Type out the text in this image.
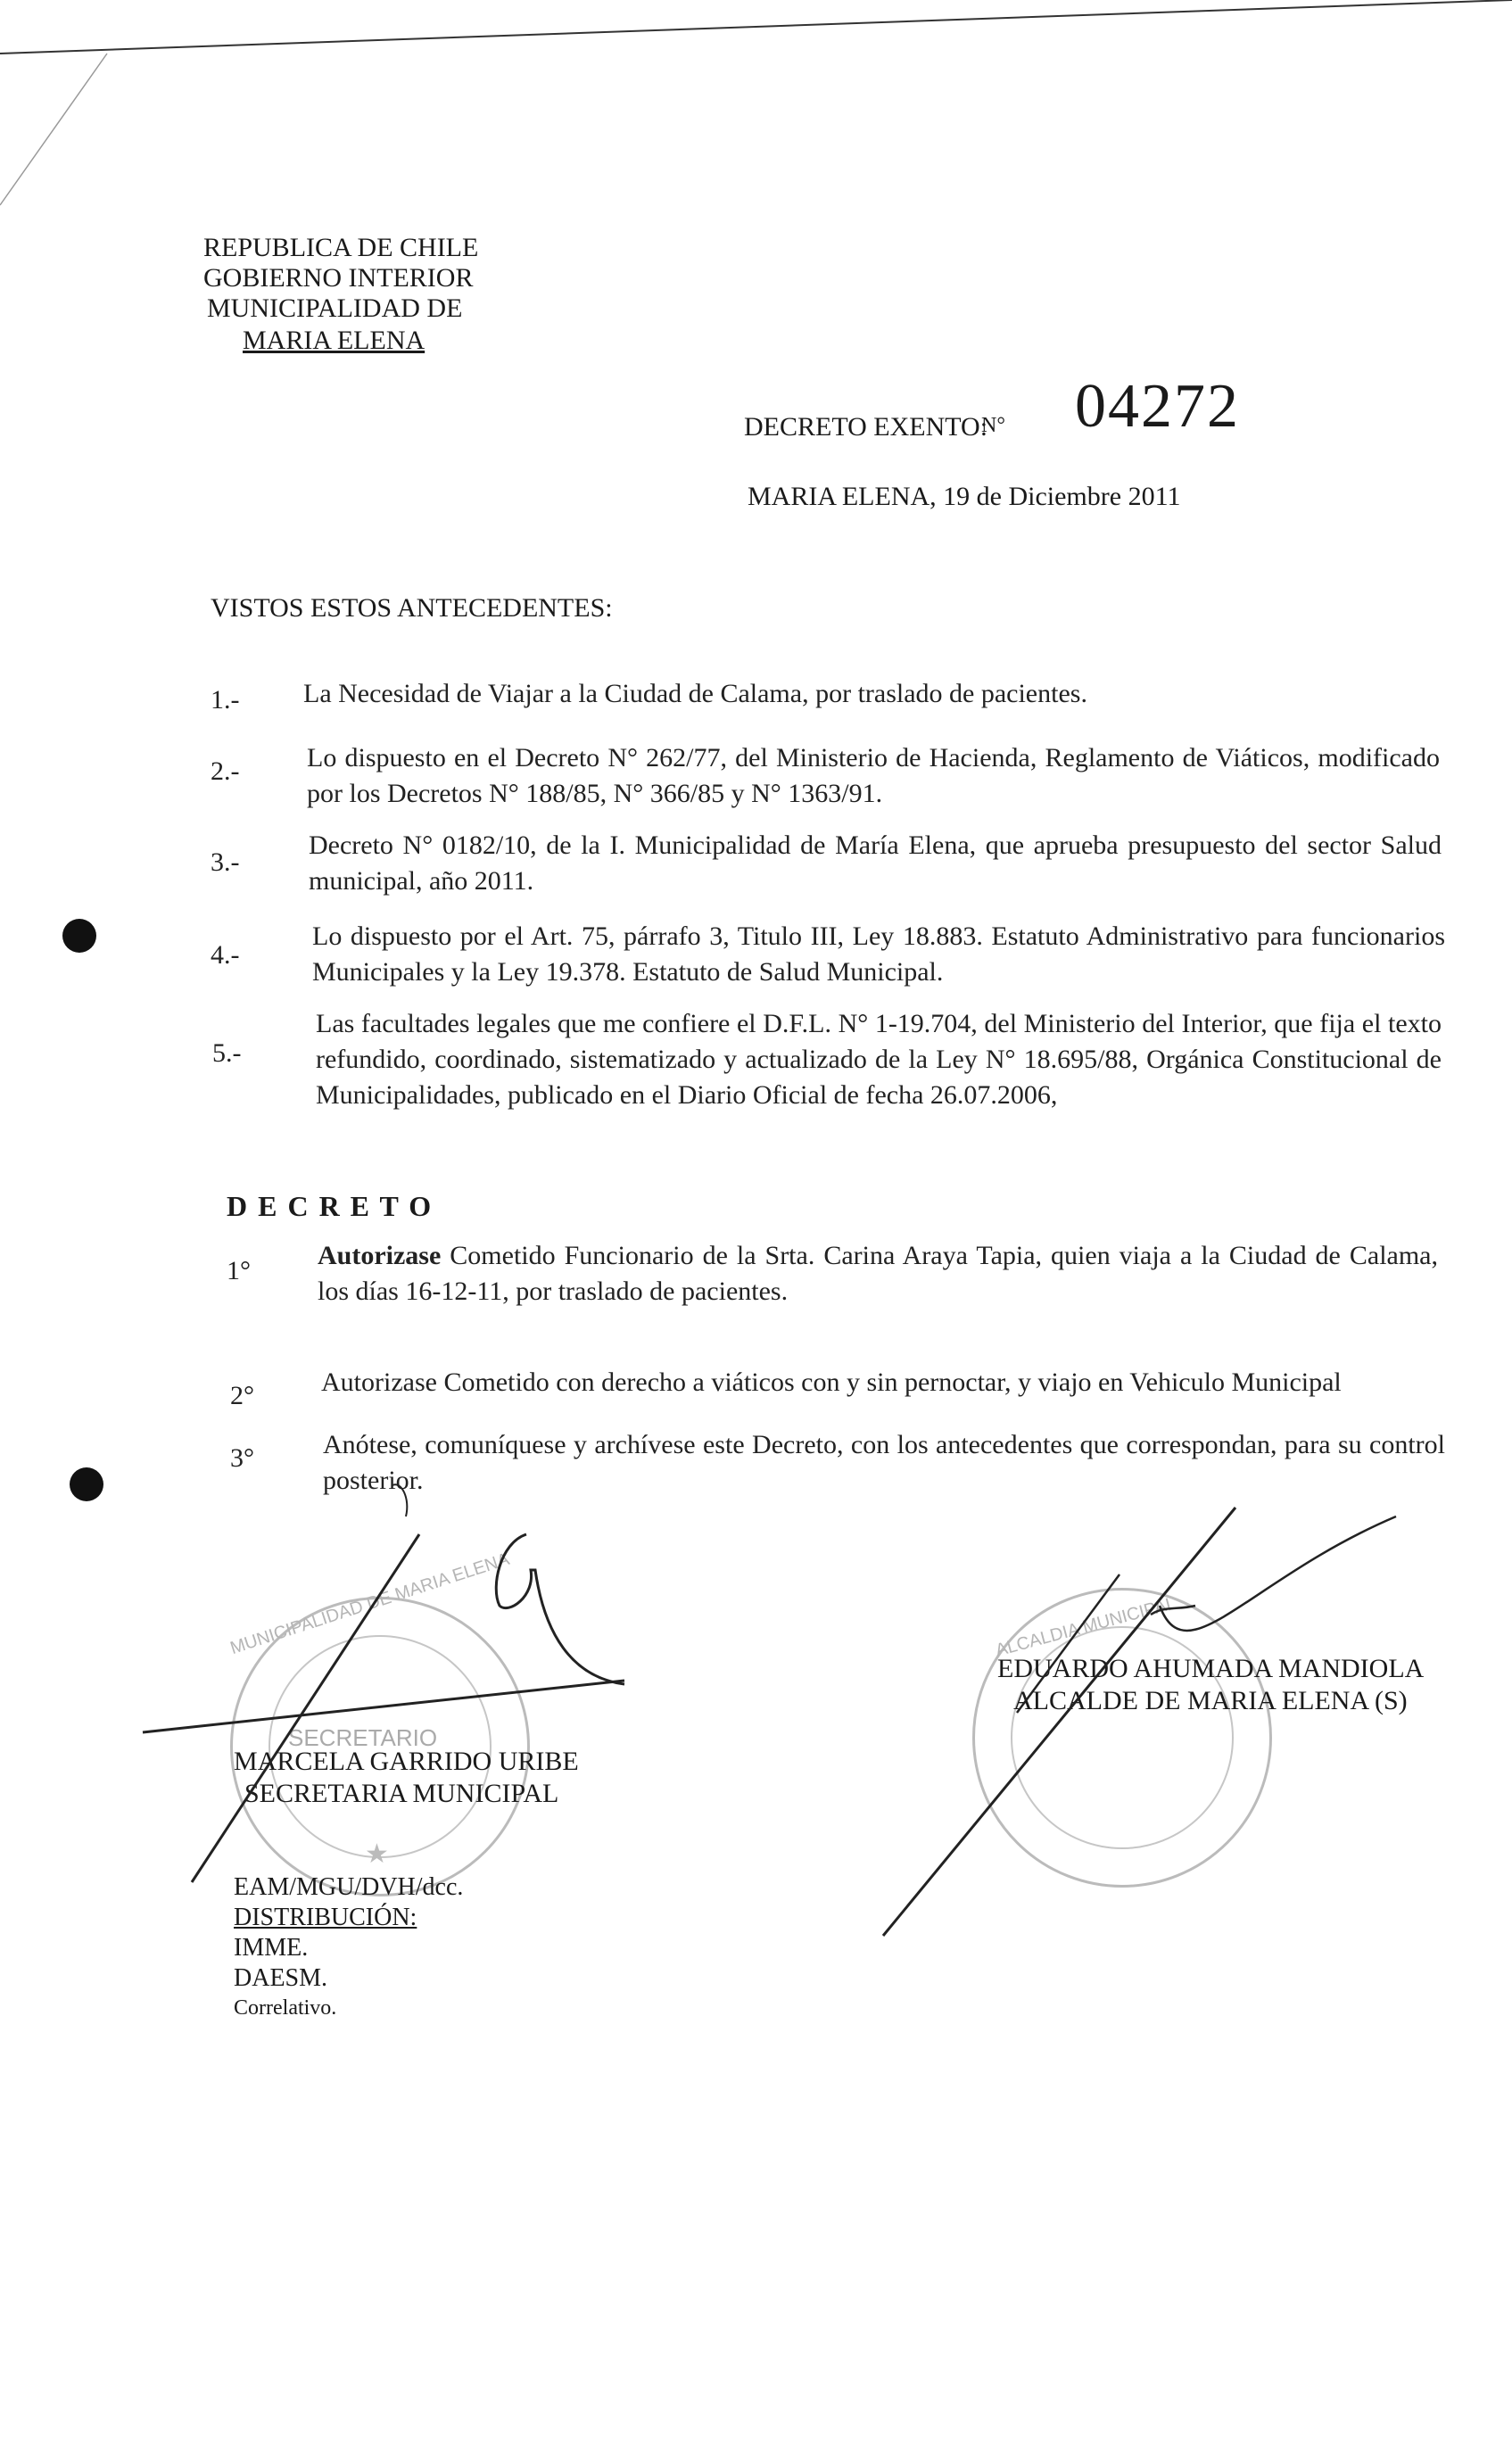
REPUBLICA DE CHILE
GOBIERNO INTERIOR
MUNICIPALIDAD DE
MARIA ELENA
DECRETO EXENTO:
N° 04272
MARIA ELENA, 19 de Diciembre 2011
VISTOS ESTOS ANTECEDENTES:
1.- La Necesidad de Viajar a la Ciudad de Calama, por traslado de pacientes.
2.-	Lo dispuesto en el Decreto N° 262/77, del Ministerio de Hacienda, Reglamento de Viáticos, modificado por los Decretos N° 188/85, N° 366/85 y N° 1363/91.
3.-
Decreto N° 0182/10, de la I. Municipalidad de María Elena, que aprueba presupuesto del sector Salud municipal, año 2011.
4.-
Lo dispuesto por el Art. 75, párrafo 3, Titulo III, Ley 18.883. Estatuto Administrativo para funcionarios Municipales y la Ley 19.378. Estatuto de Salud Municipal.
5.-
Las facultades legales que me confiere el D.F.L. N° 1-19.704, del Ministerio del Interior, que fija el texto refundido, coordinado, sistematizado y actualizado de la Ley N° 18.695/88, Orgánica Constitucional de Municipalidades, publicado en el Diario Oficial de fecha 26.07.2006,
D E C R E T O
1°
Autorizase Cometido Funcionario de la Srta. Carina Araya Tapia, quien viaja a la Ciudad de Calama, los días 16-12-11, por traslado de pacientes.
2°	Autorizase Cometido con derecho a viáticos con y sin pernoctar, y viajo en Vehiculo Municipal
3°	Anótese, comuníquese y archívese este Decreto, con los antecedentes que correspondan, para su control posterior.
SECRETARIO
MUNICIPALIDAD DE MARIA ELENA
★
ALCALDIA MUNICIPAL
MARCELA GARRIDO URIBE
SECRETARIA MUNICIPAL
EDUARDO AHUMADA MANDIOLA
ALCALDE DE MARIA ELENA (S)
EAM/MGU/DVH/dcc.
DISTRIBUCIÓN:
IMME.
DAESM.
Correlativo.
